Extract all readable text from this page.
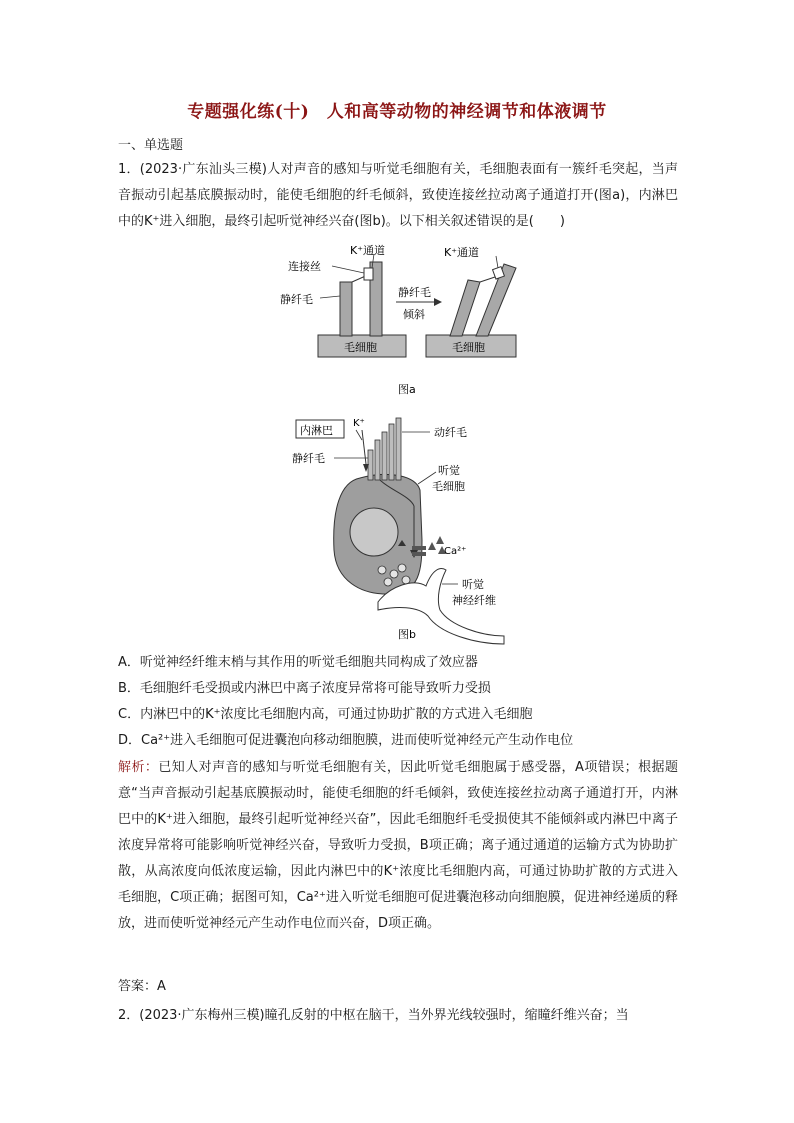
专题强化练(十)　人和高等动物的神经调节和体液调节
一、单选题
1．(2023·广东汕头三模)人对声音的感知与听觉毛细胞有关，毛细胞表面有一簇纤毛突起，当声音振动引起基底膜振动时，能使毛细胞的纤毛倾斜，致使连接丝拉动离子通道打开(图a)，内淋巴中的K⁺进入细胞，最终引起听觉神经兴奋(图b)。以下相关叙述错误的是(　　)
K⁺通道
连接丝
静纤毛
毛细胞
静纤毛
倾斜
K⁺通道
毛细胞
图a
内淋巴
K⁺
Ca²⁺
动纤毛
静纤毛
听觉
毛细胞
听觉
神经纤维
图b
A．听觉神经纤维末梢与其作用的听觉毛细胞共同构成了效应器
B．毛细胞纤毛受损或内淋巴中离子浓度异常将可能导致听力受损
C．内淋巴中的K⁺浓度比毛细胞内高，可通过协助扩散的方式进入毛细胞
D．Ca²⁺进入毛细胞可促进囊泡向移动细胞膜，进而使听觉神经元产生动作电位
解析：已知人对声音的感知与听觉毛细胞有关，因此听觉毛细胞属于感受器，A项错误；根据题意“当声音振动引起基底膜振动时，能使毛细胞的纤毛倾斜，致使连接丝拉动离子通道打开，内淋巴中的K⁺进入细胞，最终引起听觉神经兴奋”，因此毛细胞纤毛受损使其不能倾斜或内淋巴中离子浓度异常将可能影响听觉神经兴奋，导致听力受损，B项正确；离子通过通道的运输方式为协助扩散，从高浓度向低浓度运输，因此内淋巴中的K⁺浓度比毛细胞内高，可通过协助扩散的方式进入毛细胞，C项正确；据图可知，Ca²⁺进入听觉毛细胞可促进囊泡移动向细胞膜，促进神经递质的释放，进而使听觉神经元产生动作电位而兴奋，D项正确。
答案：A
2．(2023·广东梅州三模)瞳孔反射的中枢在脑干，当外界光线较强时，缩瞳纤维兴奋；当
